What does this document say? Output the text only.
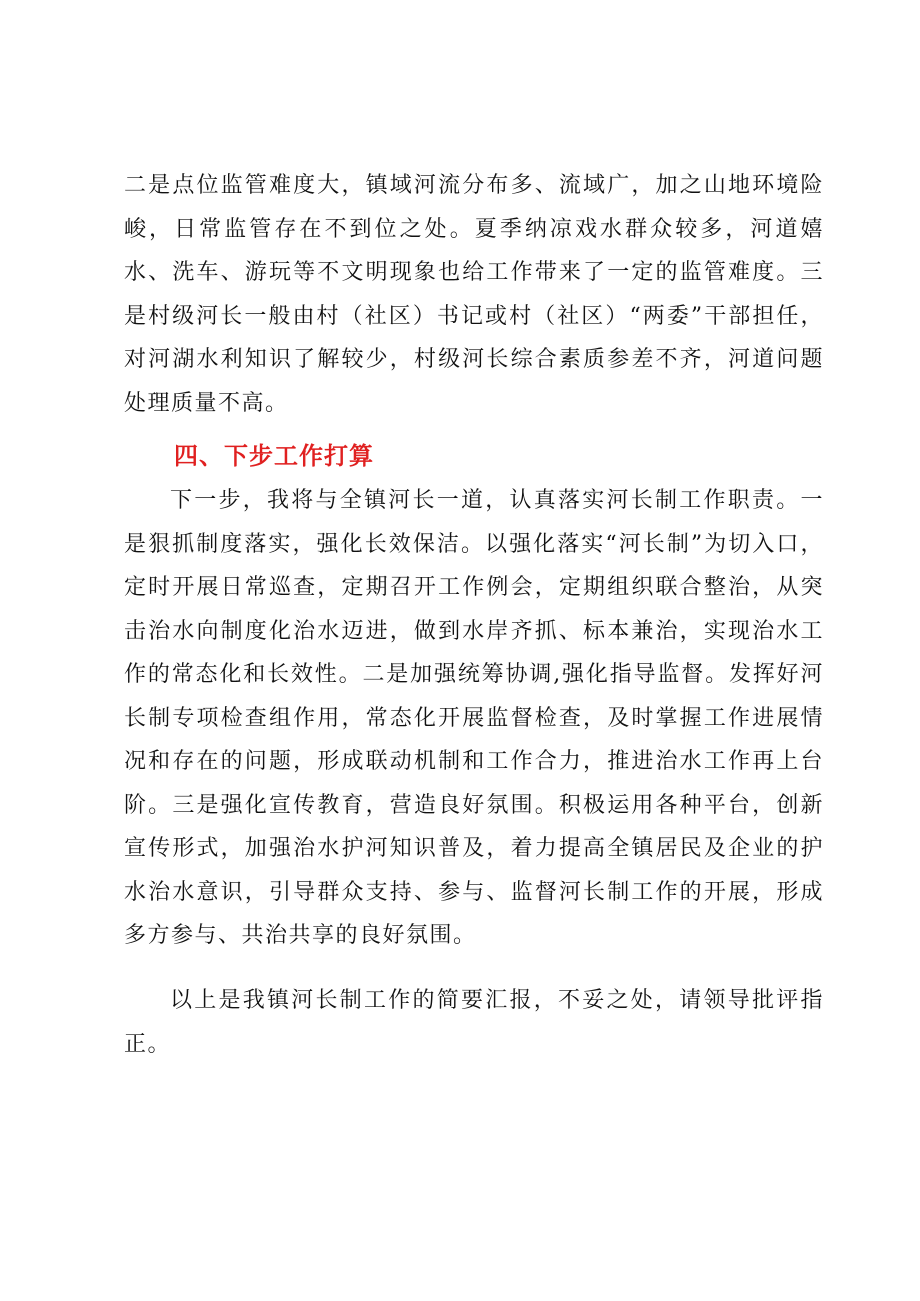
二是点位监管难度大，镇域河流分布多、流域广，加之山地环境险峻，日常监管存在不到位之处。夏季纳凉戏水群众较多，河道嬉水、洗车、游玩等不文明现象也给工作带来了一定的监管难度。三是村级河长一般由村（社区）书记或村（社区）“两委”干部担任，对河湖水利知识了解较少，村级河长综合素质参差不齐，河道问题处理质量不高。

四、下步工作打算

下一步，我将与全镇河长一道，认真落实河长制工作职责。一是狠抓制度落实，强化长效保洁。以强化落实“河长制”为切入口，定时开展日常巡查，定期召开工作例会，定期组织联合整治，从突击治水向制度化治水迈进，做到水岸齐抓、标本兼治，实现治水工作的常态化和长效性。二是加强统筹协调,强化指导监督。发挥好河长制专项检查组作用，常态化开展监督检查，及时掌握工作进展情况和存在的问题，形成联动机制和工作合力，推进治水工作再上台阶。三是强化宣传教育，营造良好氛围。积极运用各种平台，创新宣传形式，加强治水护河知识普及，着力提高全镇居民及企业的护水治水意识，引导群众支持、参与、监督河长制工作的开展，形成多方参与、共治共享的良好氛围。

以上是我镇河长制工作的简要汇报，不妥之处，请领导批评指正。
